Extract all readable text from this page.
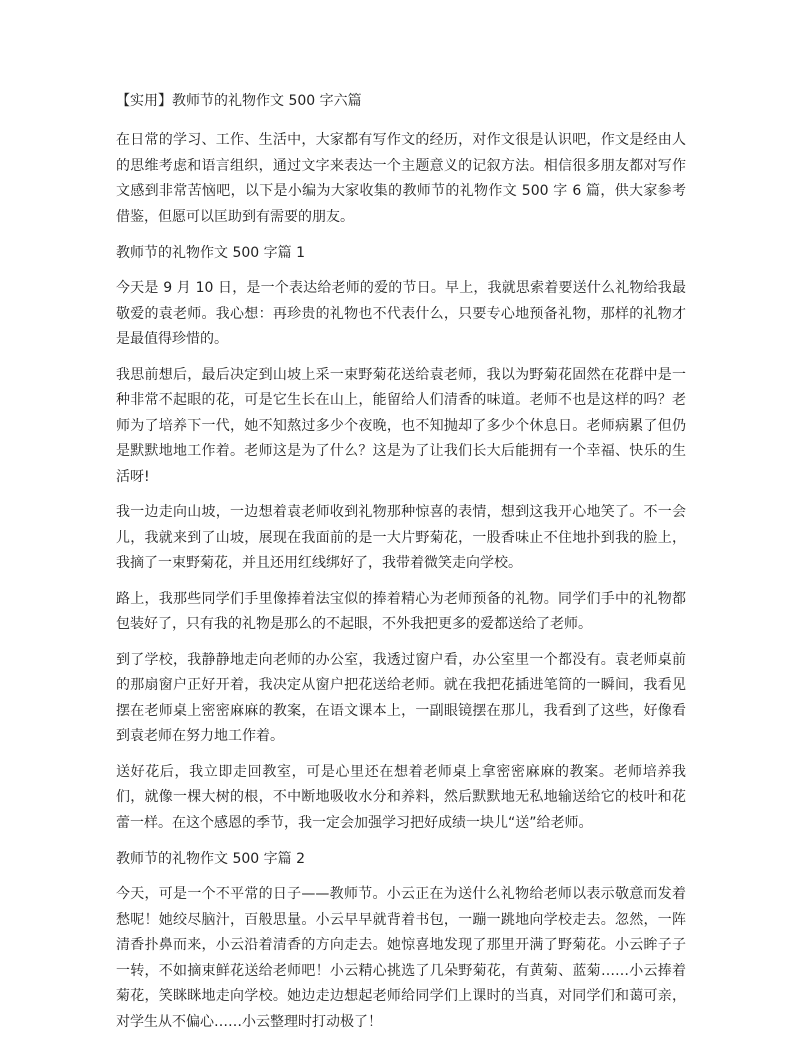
【实用】教师节的礼物作文 500 字六篇
在日常的学习、工作、生活中，大家都有写作文的经历，对作文很是认识吧，作文是经由人的思维考虑和语言组织，通过文字来表达一个主题意义的记叙方法。相信很多朋友都对写作文感到非常苦恼吧，以下是小编为大家收集的教师节的礼物作文 500 字 6 篇，供大家参考借鉴，但愿可以匡助到有需要的朋友。
教师节的礼物作文 500 字篇 1
今天是 9 月 10 日，是一个表达给老师的爱的节日。早上，我就思索着要送什么礼物给我最敬爱的袁老师。我心想：再珍贵的礼物也不代表什么，只要专心地预备礼物，那样的礼物才是最值得珍惜的。
我思前想后，最后决定到山坡上采一束野菊花送给袁老师，我以为野菊花固然在花群中是一种非常不起眼的花，可是它生长在山上，能留给人们清香的味道。老师不也是这样的吗？老师为了培养下一代，她不知熬过多少个夜晚，也不知抛却了多少个休息日。老师病累了但仍是默默地地工作着。老师这是为了什么？这是为了让我们长大后能拥有一个幸福、快乐的生活呀!
我一边走向山坡，一边想着袁老师收到礼物那种惊喜的表情，想到这我开心地笑了。不一会儿，我就来到了山坡，展现在我面前的是一大片野菊花，一股香味止不住地扑到我的脸上，我摘了一束野菊花，并且还用红线绑好了，我带着微笑走向学校。
路上，我那些同学们手里像捧着法宝似的捧着精心为老师预备的礼物。同学们手中的礼物都包装好了，只有我的礼物是那么的不起眼，不外我把更多的爱都送给了老师。
到了学校，我静静地走向老师的办公室，我透过窗户看，办公室里一个都没有。袁老师桌前的那扇窗户正好开着，我决定从窗户把花送给老师。就在我把花插进笔筒的一瞬间，我看见摆在老师桌上密密麻麻的教案，在语文课本上，一副眼镜摆在那儿，我看到了这些，好像看到袁老师在努力地工作着。
送好花后，我立即走回教室，可是心里还在想着老师桌上拿密密麻麻的教案。老师培养我们，就像一棵大树的根，不中断地吸收水分和养料，然后默默地无私地输送给它的枝叶和花蕾一样。在这个感恩的季节，我一定会加强学习把好成绩一块儿“送”给老师。
教师节的礼物作文 500 字篇 2
今天，可是一个不平常的日子——教师节。小云正在为送什么礼物给老师以表示敬意而发着愁呢！她绞尽脑汁，百般思量。小云早早就背着书包，一蹦一跳地向学校走去。忽然，一阵清香扑鼻而来，小云沿着清香的方向走去。她惊喜地发现了那里开满了野菊花。小云眸子子一转，不如摘束鲜花送给老师吧！小云精心挑选了几朵野菊花，有黄菊、蓝菊……小云捧着菊花，笑眯眯地走向学校。她边走边想起老师给同学们上课时的当真，对同学们和蔼可亲，对学生从不偏心……小云整理时打动极了！
